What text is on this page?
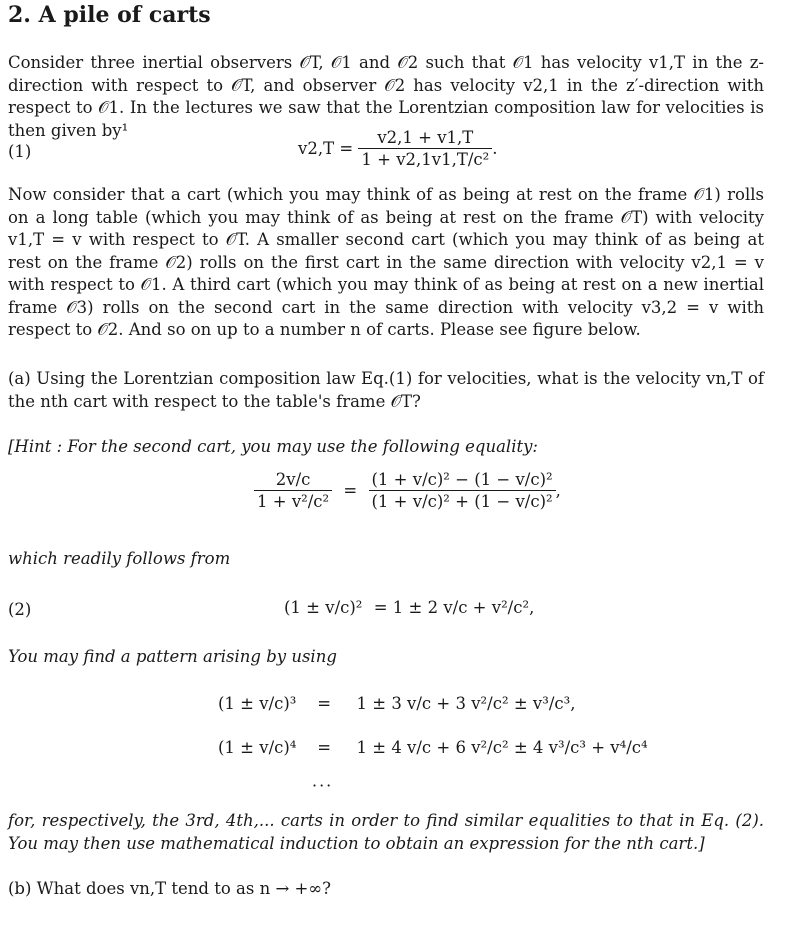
2. A pile of carts
Consider three inertial observers 𝒪T, 𝒪1 and 𝒪2 such that 𝒪1 has velocity v1,T in the z-direction with respect to 𝒪T, and observer 𝒪2 has velocity v2,1 in the z′-direction with respect to 𝒪1. In the lectures we saw that the Lorentzian composition law for velocities is then given by¹
(1)	$v2,T = \frac{v2,1 + v1,T}{\text{1 + v2,1v1,T/c²}}$ .
Now consider that a cart (which you may think of as being at rest on the frame 𝒪1) rolls on a long table (which you may think of as being at rest on the frame 𝒪T) with velocity v1,T = v with respect to 𝒪T. A smaller second cart (which you may think of as being at rest on the frame 𝒪2) rolls on the first cart in the same direction with velocity v2,1 = v with respect to 𝒪1. A third cart (which you may think of as being at rest on a new inertial frame 𝒪3) rolls on the second cart in the same direction with velocity v3,2 = v with respect to 𝒪2. And so on up to a number n of carts. Please see figure below.
(a) Using the Lorentzian composition law Eq.(1) for velocities, what is the velocity vn,T of the nth cart with respect to the table's frame 𝒪T?
[Hint : For the second cart, you may use the following equality:
$\frac{2v/c}{\text{1 + v²/c²}} = \frac{\text{(1 + v/c)² − (1 − v/c)²}}{\text{(1 + v/c)² + (1 − v/c)²}}$ ,
which readily follows from
(2)	(1 ± v/c)² = 1 ± 2 v/c + v²/c²,
You may find a pattern arising by using
(1 ± v/c)³ = 1 ± 3 v/c + 3 v²/c² ± v³/c³,
(1 ± v/c)⁴ = 1 ± 4 v/c + 6 v²/c² ± 4 v³/c³ + v⁴/c⁴
···
for, respectively, the 3rd, 4th,... carts in order to find similar equalities to that in Eq. (2). You may then use mathematical induction to obtain an expression for the nth cart.]
(b) What does vn,T tend to as n → +∞?
